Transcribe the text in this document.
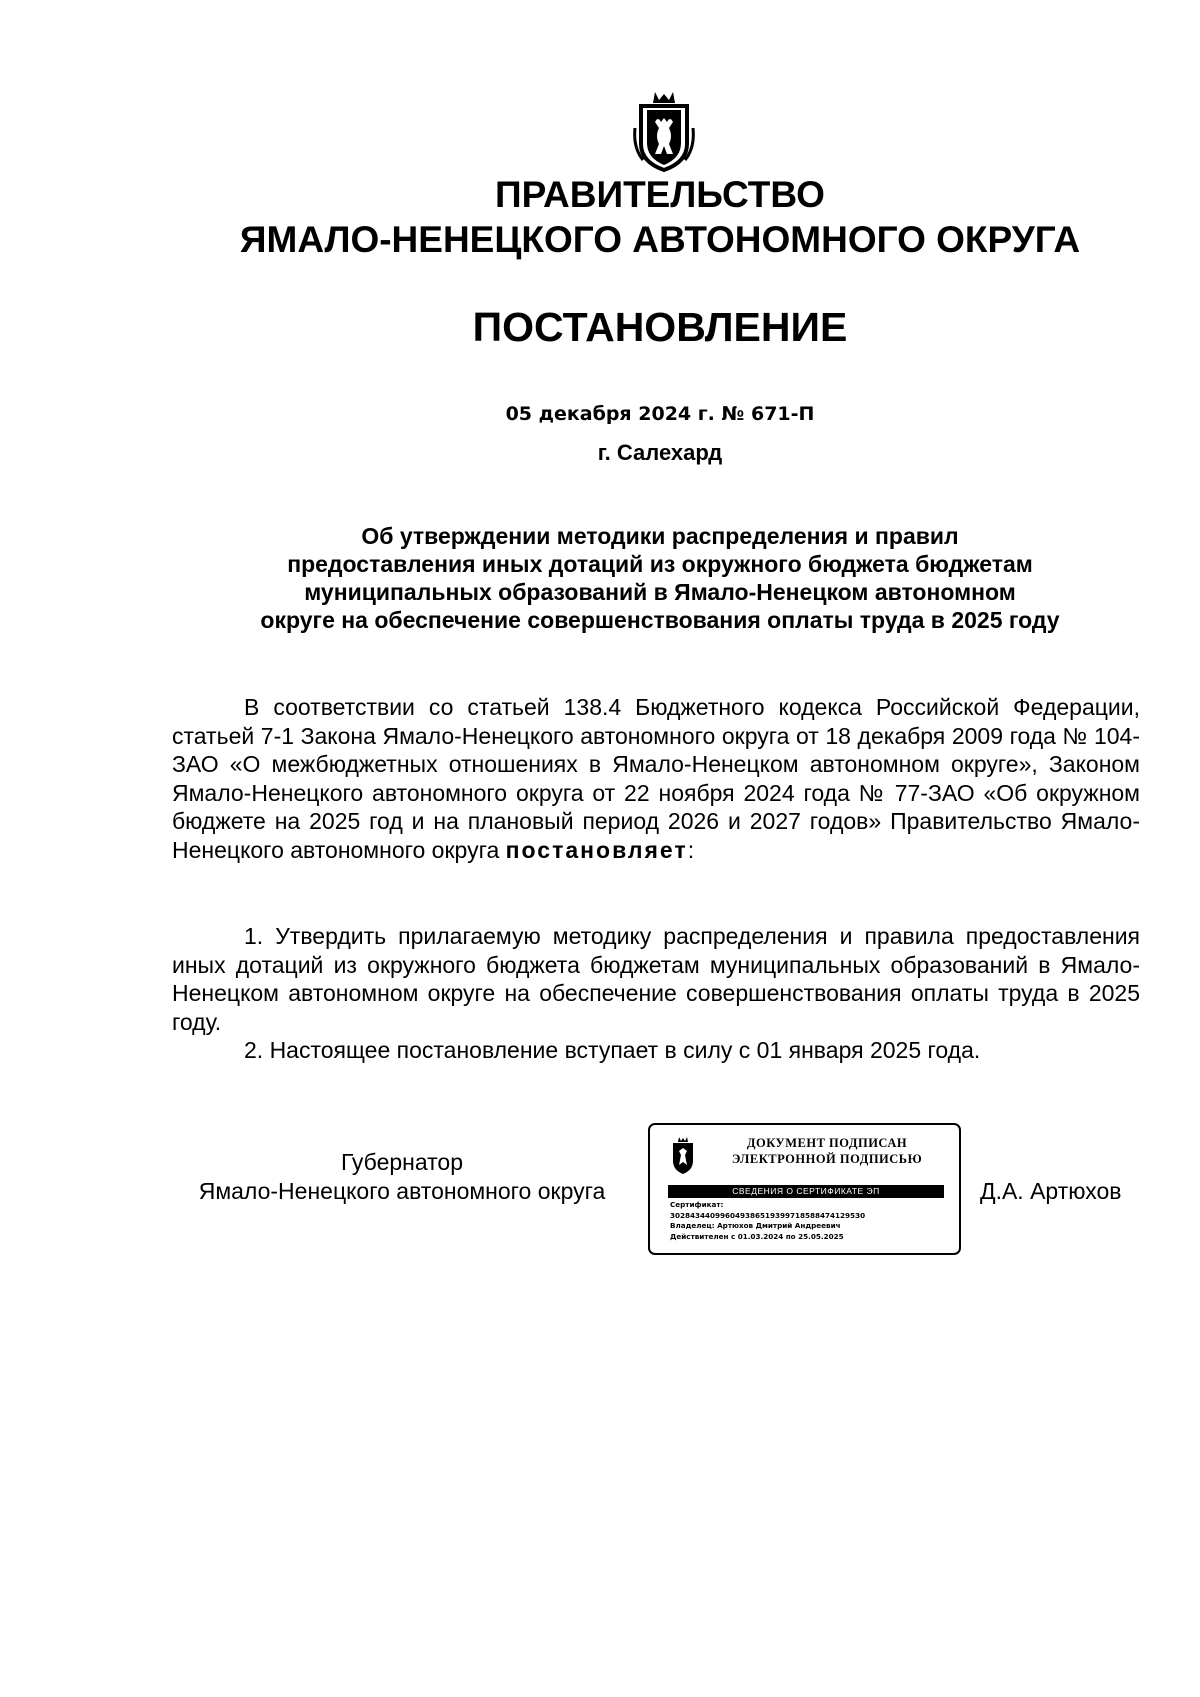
ПРАВИТЕЛЬСТВО
ЯМАЛО-НЕНЕЦКОГО АВТОНОМНОГО ОКРУГА
ПОСТАНОВЛЕНИЕ
05 декабря 2024 г. № 671-П
г. Салехард
Об утверждении методики распределения и правил
предоставления иных дотаций из окружного бюджета бюджетам
муниципальных образований в Ямало-Ненецком автономном
округе на обеспечение совершенствования оплаты труда в 2025 году

В соответствии со статьей 138.4 Бюджетного кодекса Российской Федерации, статьей 7-1 Закона Ямало-Ненецкого автономного округа от 18 декабря 2009 года № 104-ЗАО «О межбюджетных отношениях в Ямало-Ненецком автономном округе», Законом Ямало-Ненецкого автономного округа от 22 ноября 2024 года № 77-ЗАО «Об окружном бюджете на 2025 год и на плановый период 2026 и 2027 годов» Правительство Ямало-Ненецкого автономного округа постановляет:

1. Утвердить прилагаемую методику распределения и правила предоставления иных дотаций из окружного бюджета бюджетам муниципальных образований в Ямало-Ненецком автономном округе на обеспечение совершенствования оплаты труда в 2025 году.

2. Настоящее постановление вступает в силу с 01 января 2025 года.

Губернатор
Ямало-Ненецкого автономного округа
ДОКУМЕНТ ПОДПИСАН
ЭЛЕКТРОННОЙ ПОДПИСЬЮ
СВЕДЕНИЯ О СЕРТИФИКАТЕ ЭП
Сертификат:
3028434409960493865193997185884741295З0
Владелец: Артюхов Дмитрий Андреевич
Действителен с 01.03.2024 по 25.05.2025
Д.А. Артюхов
